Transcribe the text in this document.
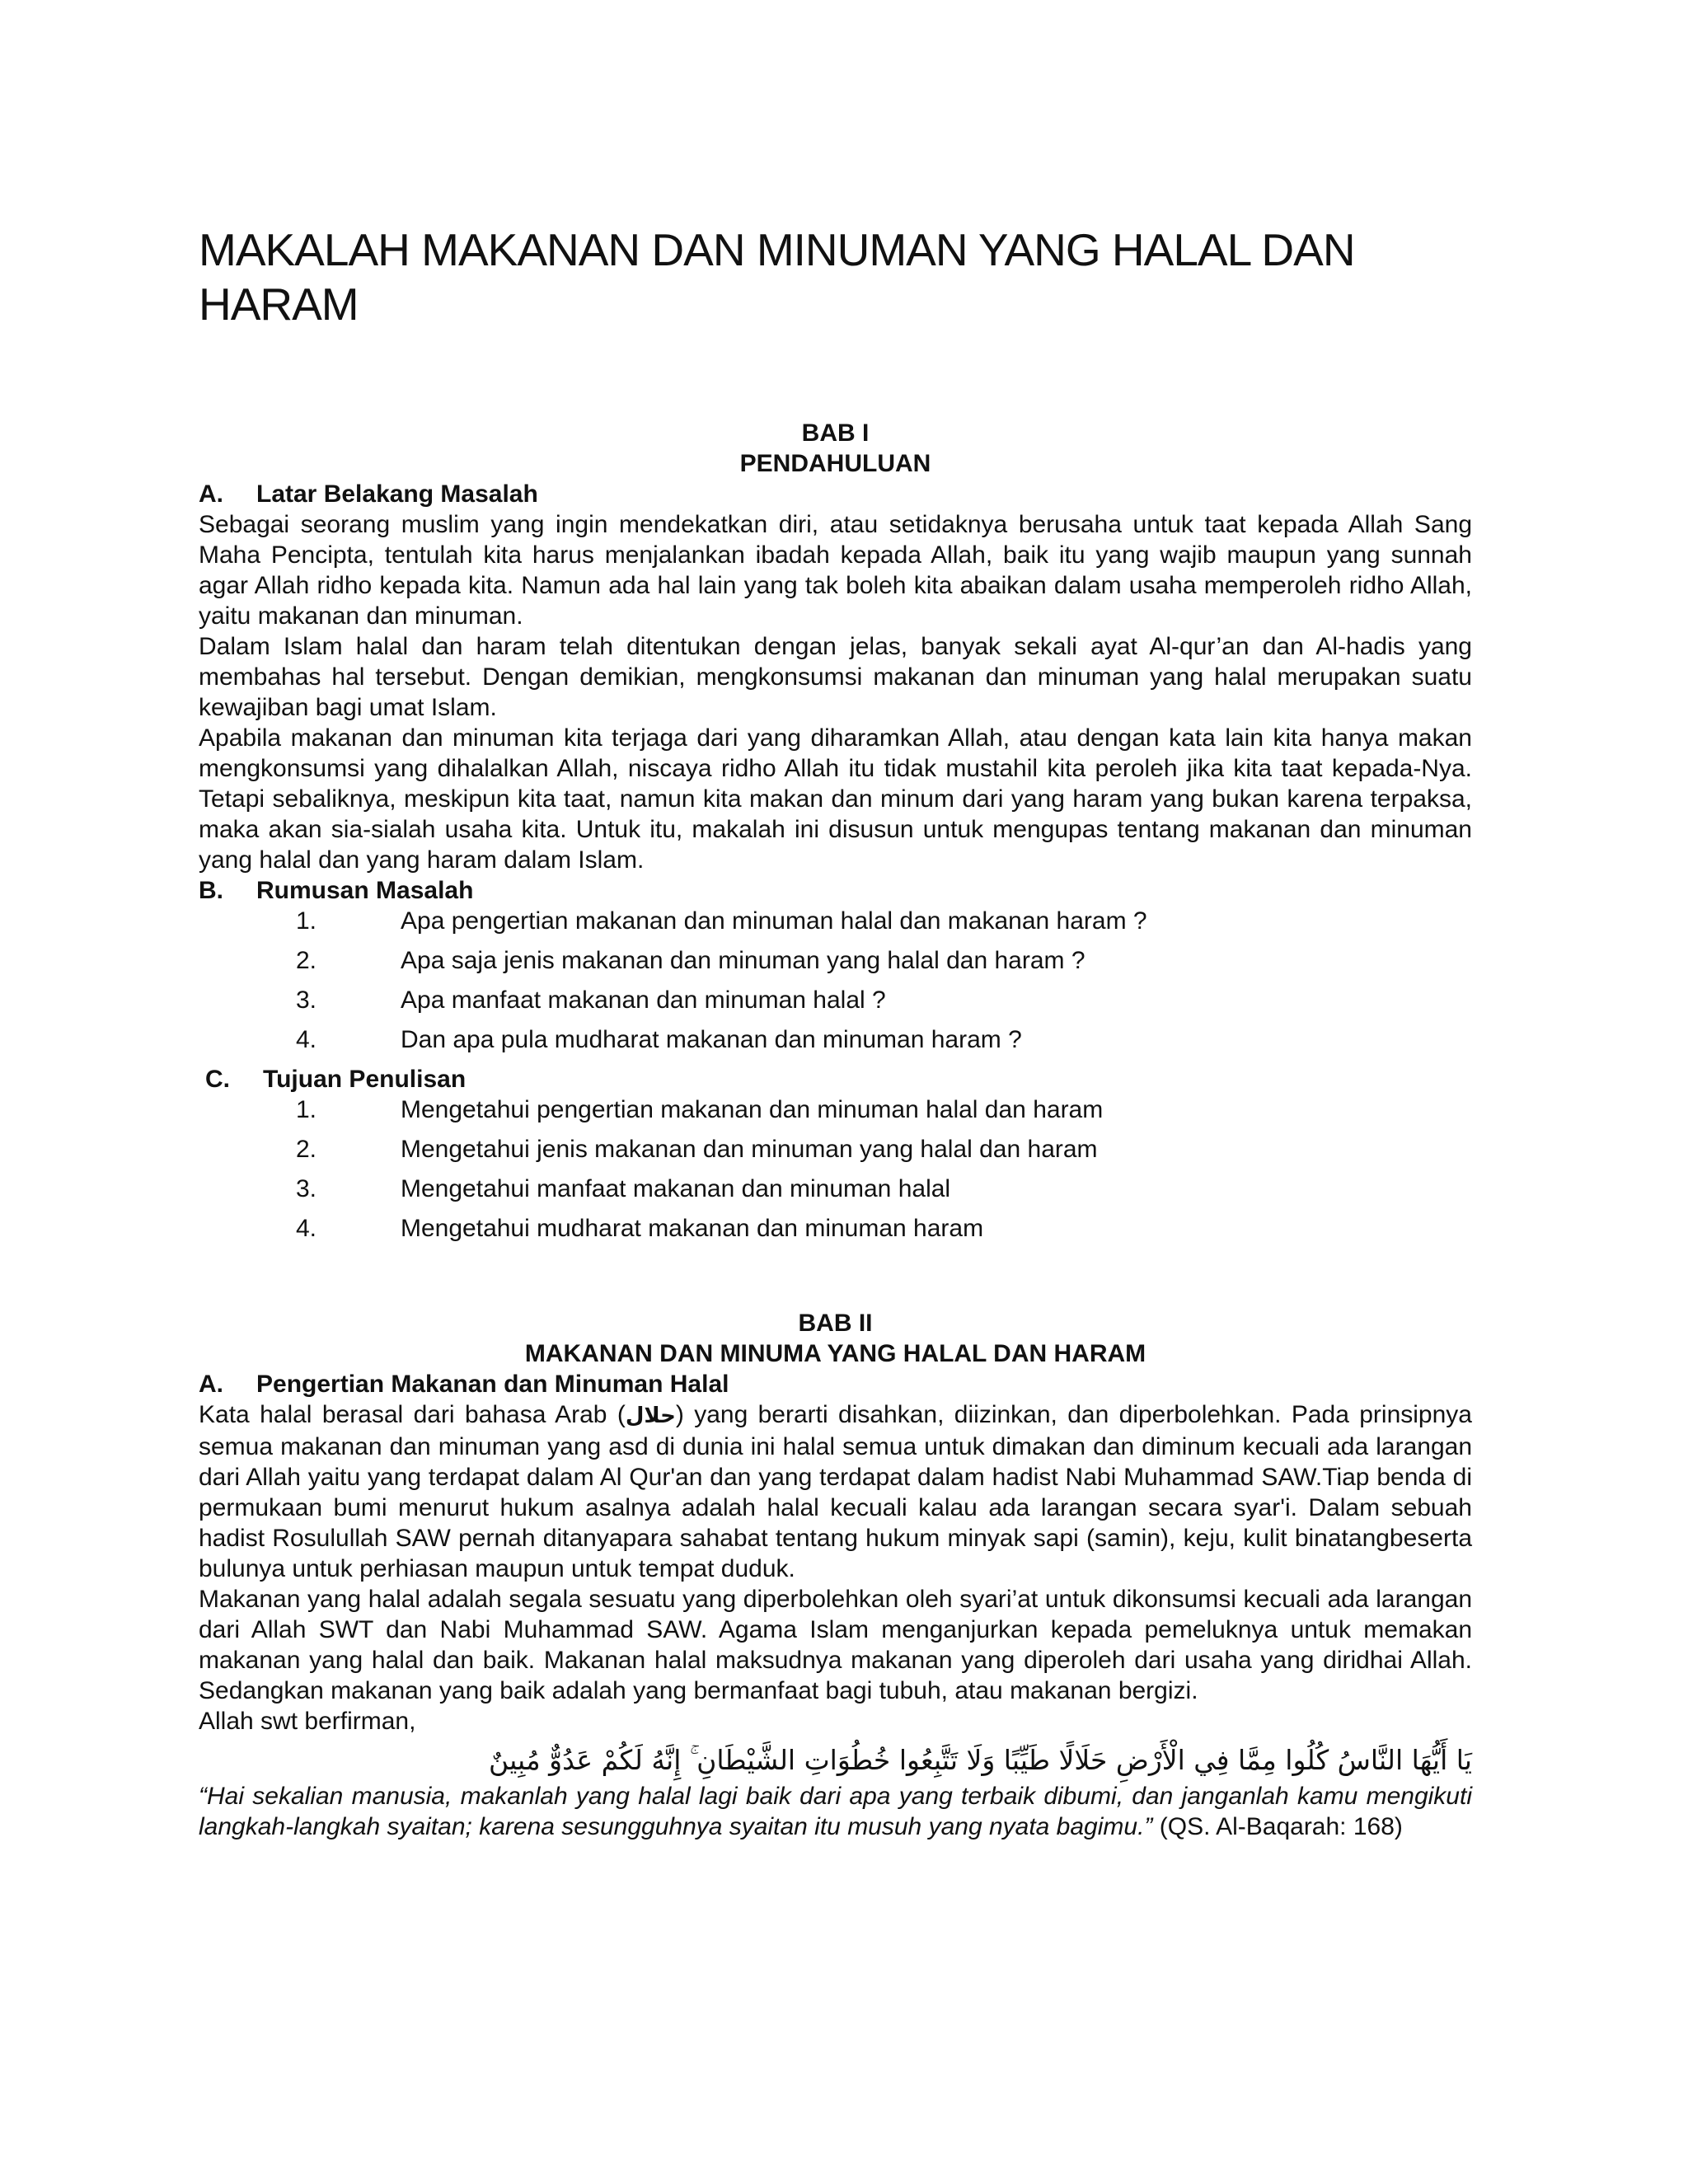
MAKALAH MAKANAN DAN MINUMAN YANG HALAL DAN HARAM
BAB I
PENDAHULUAN
A.	Latar Belakang Masalah

Sebagai seorang muslim yang ingin mendekatkan diri, atau setidaknya berusaha untuk taat kepada Allah Sang Maha Pencipta, tentulah kita harus menjalankan ibadah kepada Allah, baik itu yang wajib maupun yang sunnah agar Allah ridho kepada kita. Namun ada hal lain yang tak boleh kita abaikan dalam usaha memperoleh ridho Allah, yaitu makanan dan minuman.

Dalam Islam halal dan haram telah ditentukan dengan jelas, banyak sekali ayat Al-qur’an dan Al-hadis yang membahas hal tersebut. Dengan demikian, mengkonsumsi makanan dan minuman yang halal merupakan suatu kewajiban bagi umat Islam.

Apabila makanan dan minuman kita terjaga dari yang diharamkan Allah, atau dengan kata lain kita hanya makan mengkonsumsi yang dihalalkan Allah, niscaya ridho Allah itu tidak mustahil kita peroleh jika kita taat kepada-Nya. Tetapi sebaliknya, meskipun kita taat, namun kita makan dan minum dari yang haram yang bukan karena terpaksa, maka akan sia-sialah usaha kita. Untuk itu, makalah ini disusun untuk mengupas tentang makanan dan minuman yang halal dan yang haram dalam Islam.

B.	Rumusan Masalah
1.	Apa pengertian makanan dan minuman halal dan makanan haram ?
2.	Apa saja jenis makanan dan minuman yang halal dan haram ?
3.	Apa manfaat makanan dan minuman halal ?
4.	Dan apa pula mudharat makanan dan minuman haram ?
C.	Tujuan Penulisan
1.	Mengetahui pengertian makanan dan minuman halal dan haram
2.	Mengetahui jenis makanan dan minuman yang halal dan haram
3.	Mengetahui manfaat makanan dan minuman halal
4.	Mengetahui mudharat makanan dan minuman haram
BAB II
MAKANAN DAN MINUMA YANG HALAL DAN HARAM
A.	Pengertian Makanan dan Minuman Halal

Kata halal berasal dari bahasa Arab (حلال) yang berarti disahkan, diizinkan, dan diperbolehkan. Pada prinsipnya semua makanan dan minuman yang asd di dunia ini halal semua untuk dimakan dan diminum kecuali ada larangan dari Allah yaitu yang terdapat dalam Al Qur'an dan yang terdapat dalam hadist Nabi Muhammad SAW.Tiap benda di permukaan bumi menurut hukum asalnya adalah halal kecuali kalau ada larangan secara syar'i. Dalam sebuah hadist Rosulullah SAW pernah ditanyapara sahabat tentang hukum minyak sapi (samin), keju, kulit binatangbeserta bulunya untuk perhiasan maupun untuk tempat duduk.

Makanan yang halal adalah segala sesuatu yang diperbolehkan oleh syari’at untuk dikonsumsi kecuali ada larangan dari Allah SWT dan Nabi Muhammad SAW. Agama Islam menganjurkan kepada pemeluknya untuk memakan makanan yang halal dan baik. Makanan halal maksudnya makanan yang diperoleh dari usaha yang diridhai Allah. Sedangkan makanan yang baik adalah yang bermanfaat bagi tubuh, atau makanan bergizi.

Allah swt berfirman,

يَا أَيُّهَا النَّاسُ كُلُوا مِمَّا فِي الْأَرْضِ حَلَالًا طَيِّبًا وَلَا تَتَّبِعُوا خُطُوَاتِ الشَّيْطَانِ ۚ إِنَّهُ لَكُمْ عَدُوٌّ مُبِينٌ

“Hai sekalian manusia, makanlah yang halal lagi baik dari apa yang terbaik dibumi, dan janganlah kamu mengikuti langkah-langkah syaitan; karena sesungguhnya syaitan itu musuh yang nyata bagimu.” (QS. Al-Baqarah: 168)
